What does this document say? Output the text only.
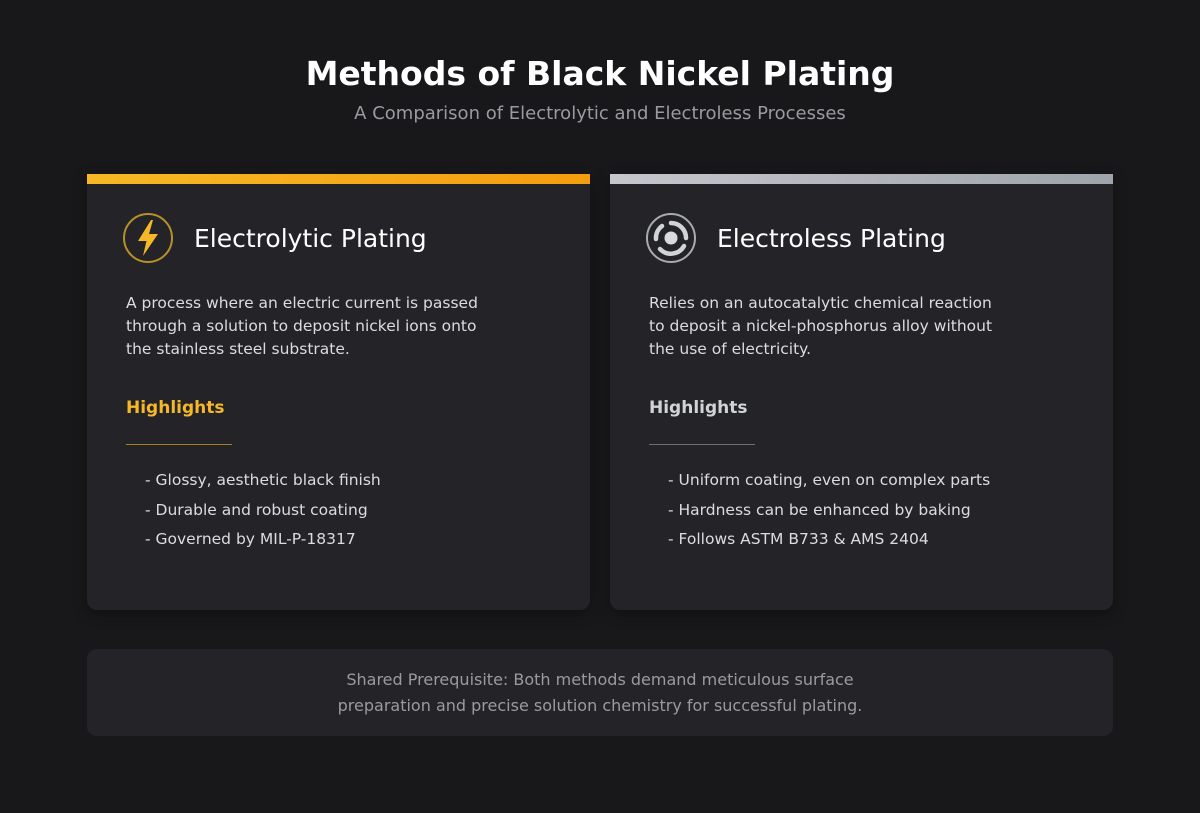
Methods of Black Nickel Plating

A Comparison of Electrolytic and Electroless Processes

Electrolytic Plating

A process where an electric current is passed through a solution to deposit nickel ions onto the stainless steel substrate.

Highlights
- Glossy, aesthetic black finish
- Durable and robust coating
- Governed by MIL-P-18317
Electroless Plating

Relies on an autocatalytic chemical reaction to deposit a nickel-phosphorus alloy without the use of electricity.

Highlights
- Uniform coating, even on complex parts
- Hardness can be enhanced by baking
- Follows ASTM B733 & AMS 2404

Shared Prerequisite: Both methods demand meticulous surface preparation and precise solution chemistry for successful plating.
